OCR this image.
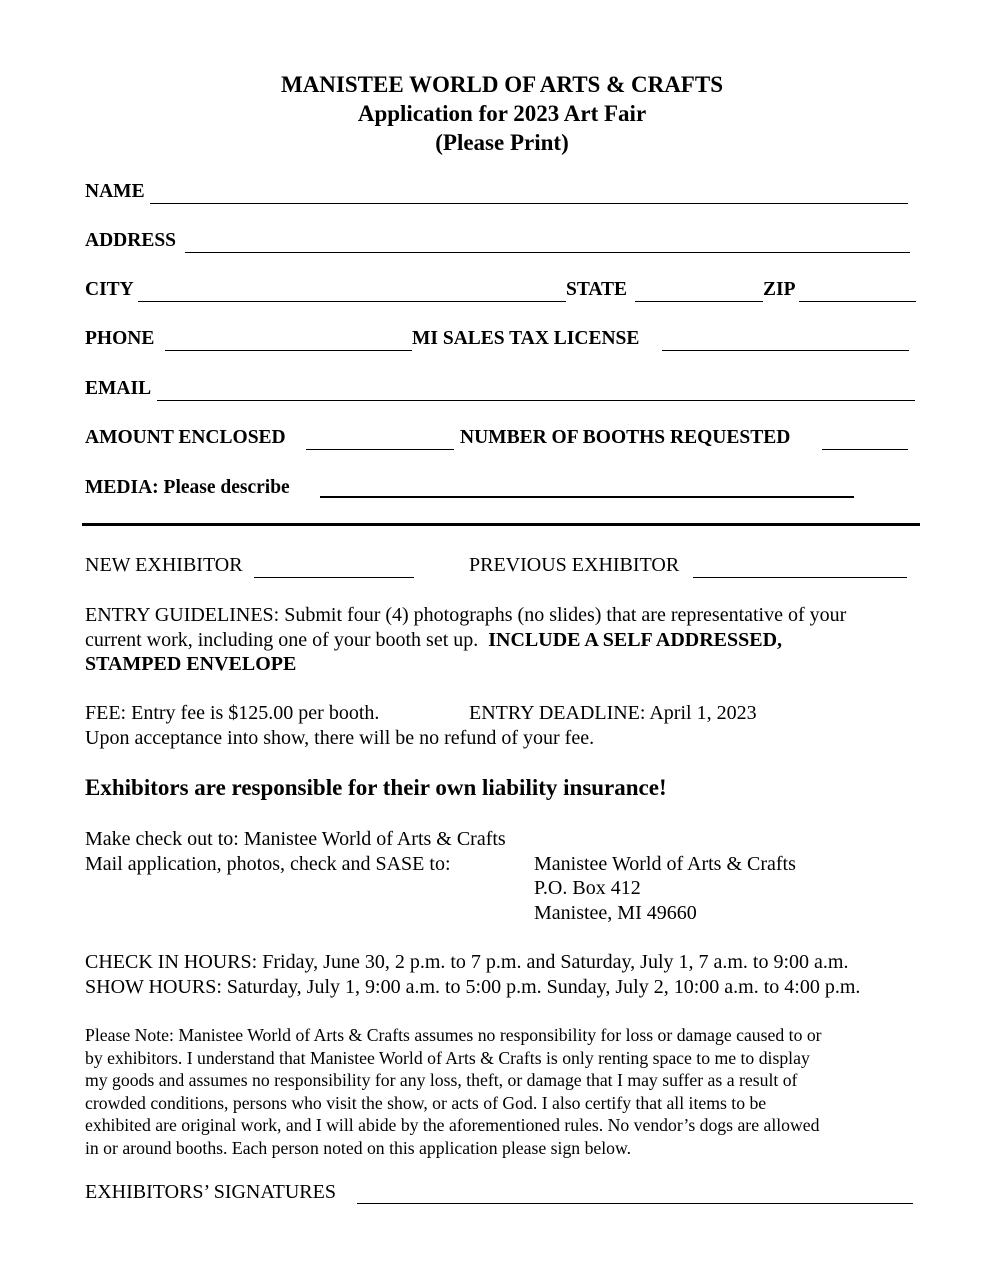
MANISTEE WORLD OF ARTS & CRAFTS
Application for 2023 Art Fair
(Please Print)
NAME
ADDRESS
CITY	STATE	ZIP
PHONE	MI SALES TAX LICENSE
EMAIL
AMOUNT ENCLOSED	NUMBER OF BOOTHS REQUESTED
MEDIA: Please describe
NEW EXHIBITOR	PREVIOUS EXHIBITOR
ENTRY GUIDELINES: Submit four (4) photographs (no slides) that are representative of your
current work, including one of your booth set up.  INCLUDE A SELF ADDRESSED,
STAMPED ENVELOPE
FEE: Entry fee is $125.00 per booth.	ENTRY DEADLINE: April 1, 2023
Upon acceptance into show, there will be no refund of your fee.
Exhibitors are responsible for their own liability insurance!
Make check out to: Manistee World of Arts & Crafts
Mail application, photos, check and SASE to:	Manistee World of Arts & Crafts
P.O. Box 412
Manistee, MI 49660
CHECK IN HOURS: Friday, June 30, 2 p.m. to 7 p.m. and Saturday, July 1, 7 a.m. to 9:00 a.m.
SHOW HOURS: Saturday, July 1, 9:00 a.m. to 5:00 p.m. Sunday, July 2, 10:00 a.m. to 4:00 p.m.
Please Note: Manistee World of Arts & Crafts assumes no responsibility for loss or damage caused to or
by exhibitors. I understand that Manistee World of Arts & Crafts is only renting space to me to display
my goods and assumes no responsibility for any loss, theft, or damage that I may suffer as a result of
crowded conditions, persons who visit the show, or acts of God. I also certify that all items to be
exhibited are original work, and I will abide by the aforementioned rules. No vendor’s dogs are allowed
in or around booths. Each person noted on this application please sign below.
EXHIBITORS’ SIGNATURES
